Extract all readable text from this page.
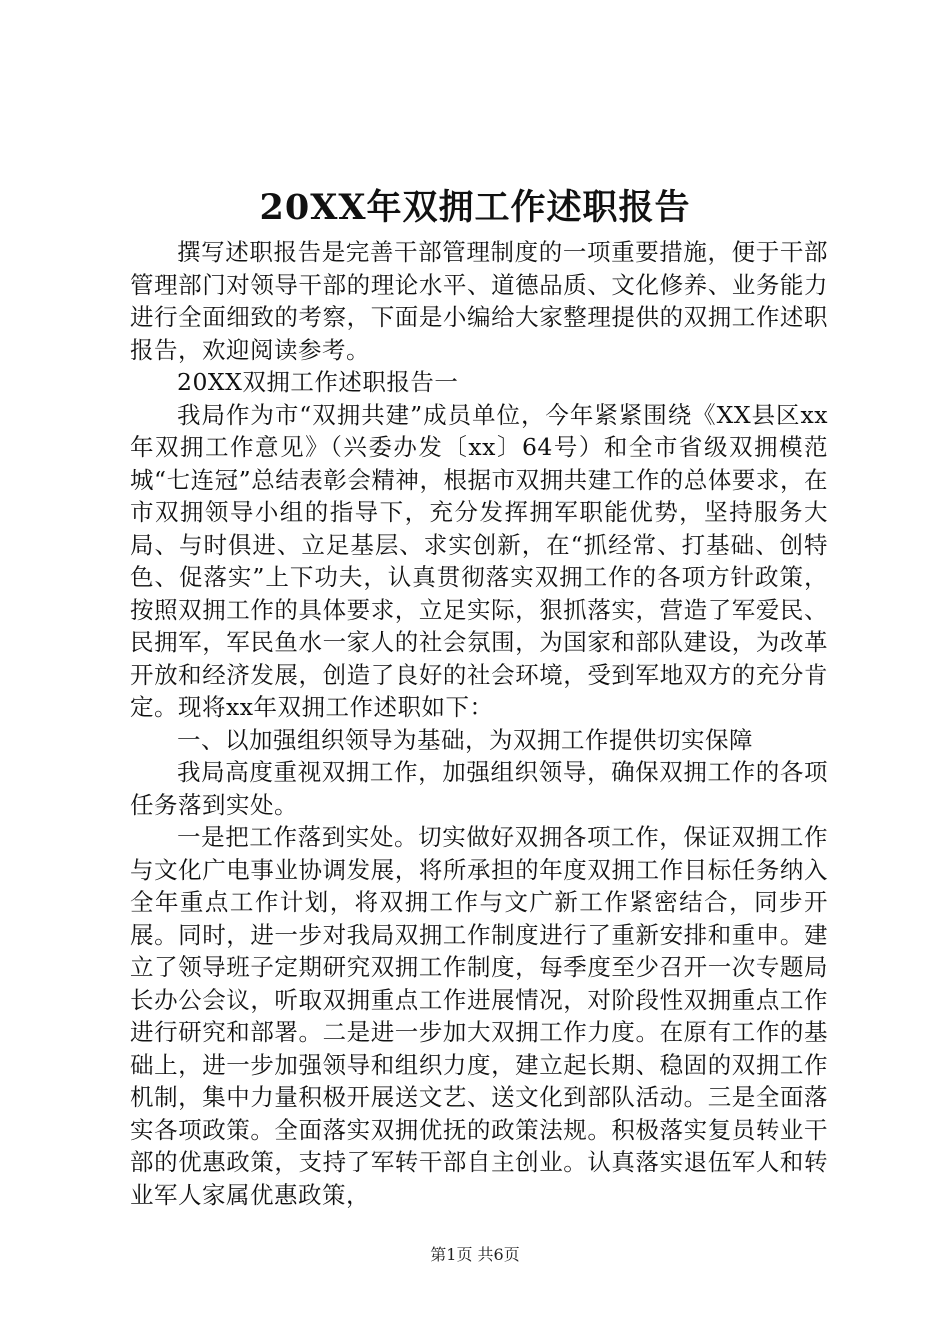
20XX年双拥工作述职报告

撰写述职报告是完善干部管理制度的一项重要措施，便于干部管理部门对领导干部的理论水平、道德品质、文化修养、业务能力进行全面细致的考察，下面是小编给大家整理提供的双拥工作述职报告，欢迎阅读参考。

20XX双拥工作述职报告一

我局作为市“双拥共建”成员单位，今年紧紧围绕《XX县区xx年双拥工作意见》（兴委办发〔xx〕64号）和全市省级双拥模范城“七连冠”总结表彰会精神，根据市双拥共建工作的总体要求，在市双拥领导小组的指导下，充分发挥拥军职能优势，坚持服务大局、与时俱进、立足基层、求实创新，在“抓经常、打基础、创特色、促落实”上下功夫，认真贯彻落实双拥工作的各项方针政策，按照双拥工作的具体要求，立足实际，狠抓落实，营造了军爱民、民拥军，军民鱼水一家人的社会氛围，为国家和部队建设，为改革开放和经济发展，创造了良好的社会环境，受到军地双方的充分肯定。现将xx年双拥工作述职如下：

一、以加强组织领导为基础，为双拥工作提供切实保障

我局高度重视双拥工作，加强组织领导，确保双拥工作的各项任务落到实处。

一是把工作落到实处。切实做好双拥各项工作，保证双拥工作与文化广电事业协调发展，将所承担的年度双拥工作目标任务纳入全年重点工作计划，将双拥工作与文广新工作紧密结合，同步开展。同时，进一步对我局双拥工作制度进行了重新安排和重申。建立了领导班子定期研究双拥工作制度，每季度至少召开一次专题局长办公会议，听取双拥重点工作进展情况，对阶段性双拥重点工作进行研究和部署。二是进一步加大双拥工作力度。在原有工作的基础上，进一步加强领导和组织力度，建立起长期、稳固的双拥工作机制，集中力量积极开展送文艺、送文化到部队活动。三是全面落实各项政策。全面落实双拥优抚的政策法规。积极落实复员转业干部的优惠政策，支持了军转干部自主创业。认真落实退伍军人和转业军人家属优惠政策，

第1页 共6页
